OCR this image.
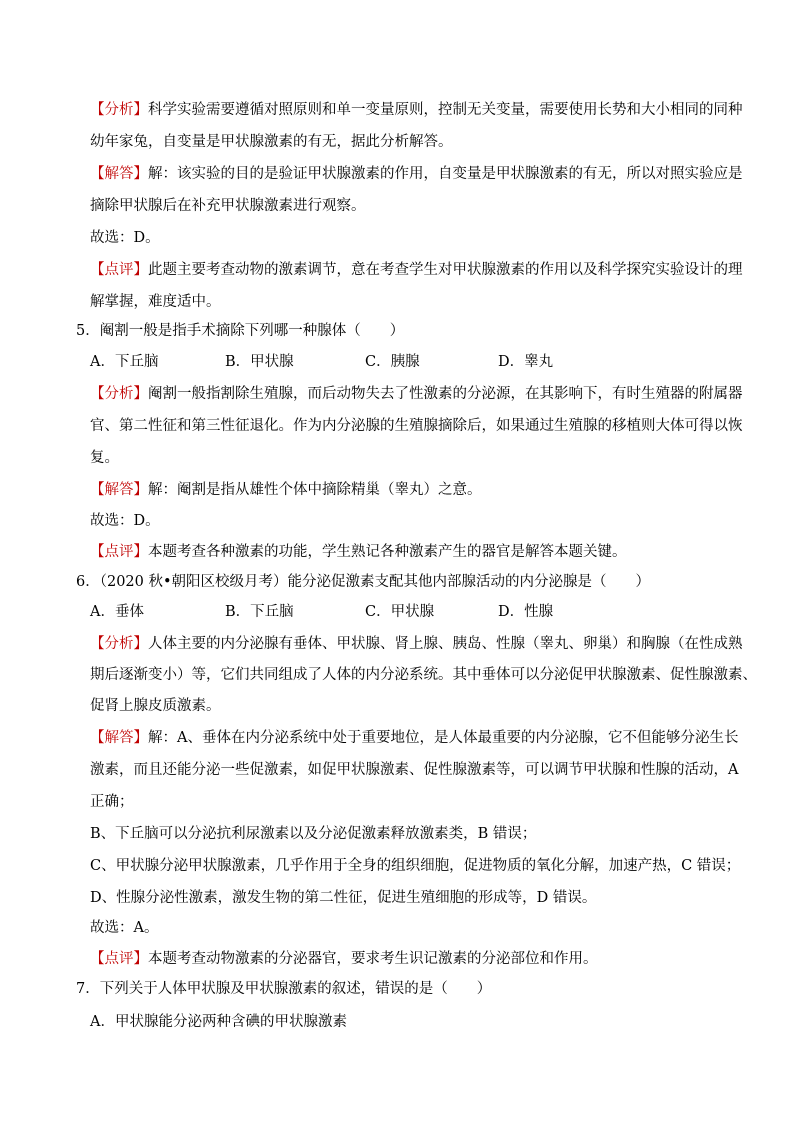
【分析】科学实验需要遵循对照原则和单一变量原则，控制无关变量，需要使用长势和大小相同的同种
幼年家兔，自变量是甲状腺激素的有无，据此分析解答。
【解答】解：该实验的目的是验证甲状腺激素的作用，自变量是甲状腺激素的有无，所以对照实验应是
摘除甲状腺后在补充甲状腺激素进行观察。
故选：D。
【点评】此题主要考查动物的激素调节，意在考查学生对甲状腺激素的作用以及科学探究实验设计的理
解掌握，难度适中。
5．阉割一般是指手术摘除下列哪一种腺体（　　）
A．下丘脑	B．甲状腺	C．胰腺	D．睾丸
【分析】阉割一般指割除生殖腺，而后动物失去了性激素的分泌源，在其影响下，有时生殖器的附属器
官、第二性征和第三性征退化。作为内分泌腺的生殖腺摘除后，如果通过生殖腺的移植则大体可得以恢
复。
【解答】解：阉割是指从雄性个体中摘除精巢（睾丸）之意。
故选：D。
【点评】本题考查各种激素的功能，学生熟记各种激素产生的器官是解答本题关键。
6．（2020 秋•朝阳区校级月考）能分泌促激素支配其他内部腺活动的内分泌腺是（　　）
A．垂体	B．下丘脑	C．甲状腺	D．性腺
【分析】人体主要的内分泌腺有垂体、甲状腺、肾上腺、胰岛、性腺（睾丸、卵巢）和胸腺（在性成熟
期后逐渐变小）等，它们共同组成了人体的内分泌系统。其中垂体可以分泌促甲状腺激素、促性腺激素、
促肾上腺皮质激素。
【解答】解：A、垂体在内分泌系统中处于重要地位，是人体最重要的内分泌腺，它不但能够分泌生长
激素，而且还能分泌一些促激素，如促甲状腺激素、促性腺激素等，可以调节甲状腺和性腺的活动，A
正确；
B、下丘脑可以分泌抗利尿激素以及分泌促激素释放激素类，B 错误；
C、甲状腺分泌甲状腺激素，几乎作用于全身的组织细胞，促进物质的氧化分解，加速产热，C 错误；
D、性腺分泌性激素，激发生物的第二性征，促进生殖细胞的形成等，D 错误。
故选：A。
【点评】本题考查动物激素的分泌器官，要求考生识记激素的分泌部位和作用。
7．下列关于人体甲状腺及甲状腺激素的叙述，错误的是（　　）
A．甲状腺能分泌两种含碘的甲状腺激素
